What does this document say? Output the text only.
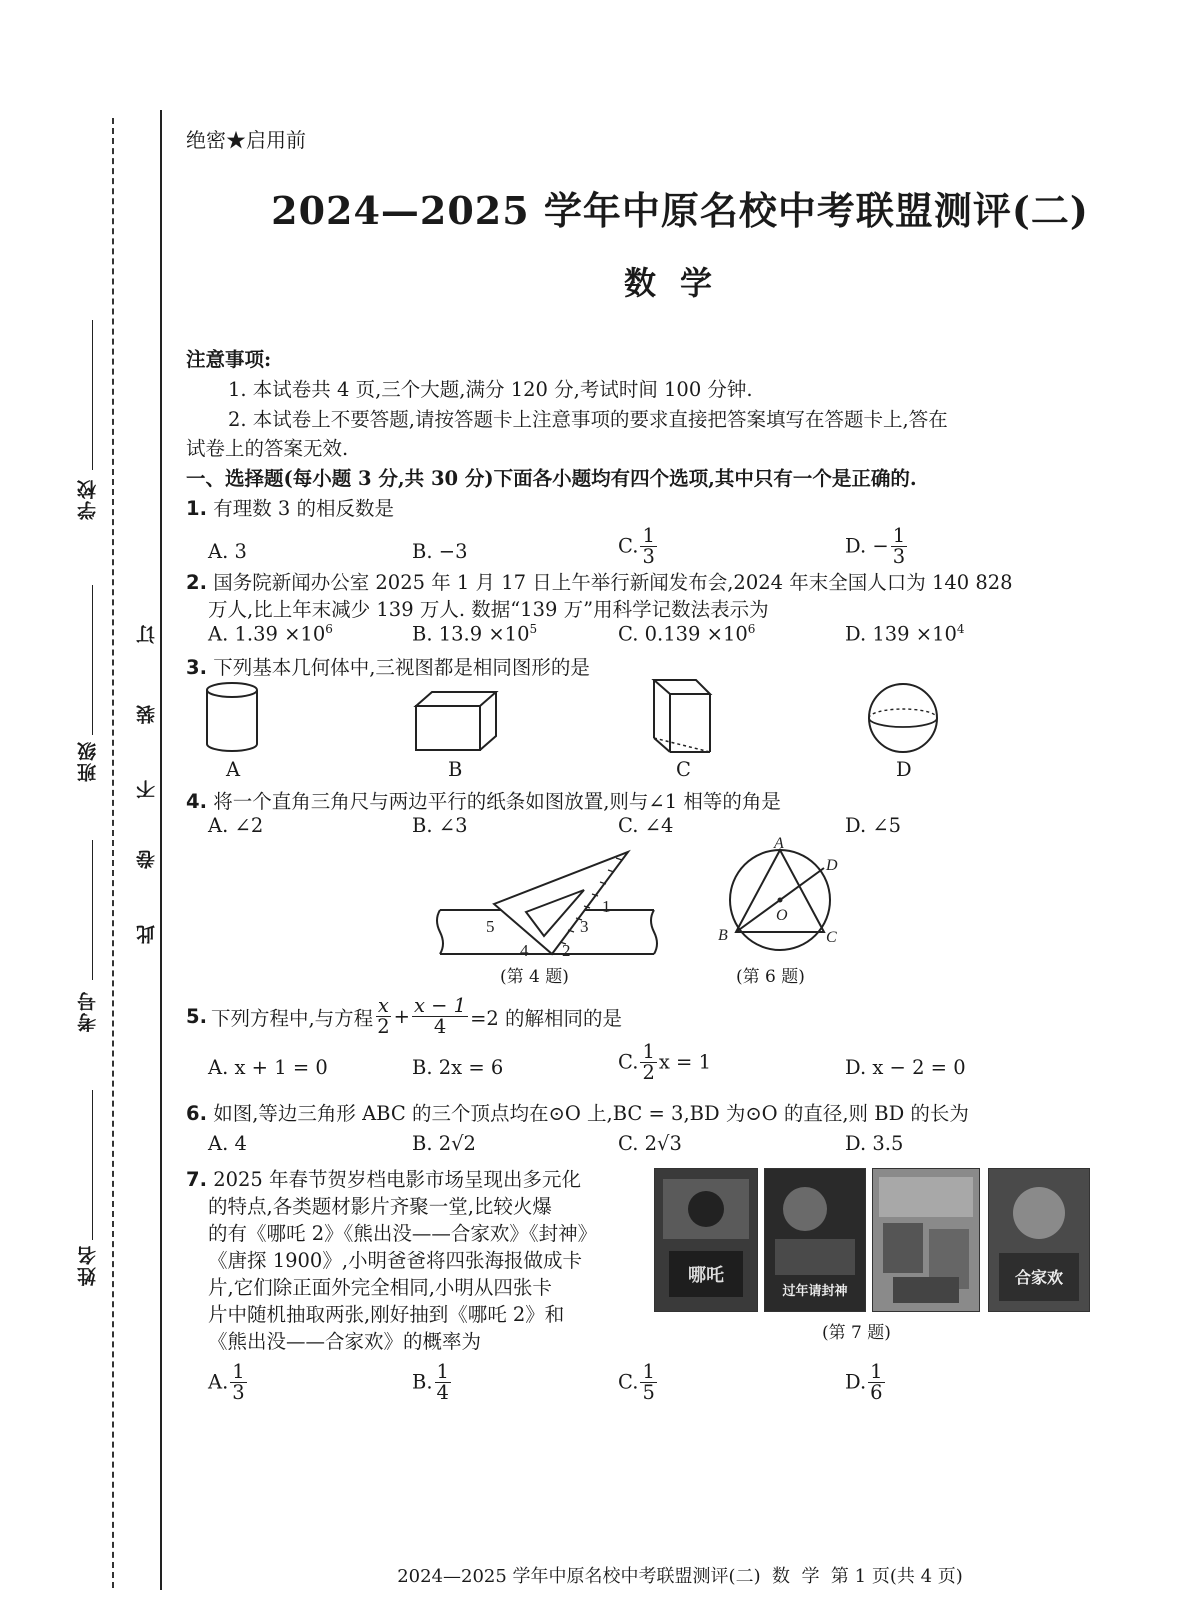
学校
班级
考号
姓名
订
装
不
卷
此
绝密★启用前
2024—2025 学年中原名校中考联盟测评(二)
数学
注意事项:
1. 本试卷共 4 页,三个大题,满分 120 分,考试时间 100 分钟.
2. 本试卷上不要答题,请按答题卡上注意事项的要求直接把答案填写在答题卡上,答在
试卷上的答案无效.
一、选择题(每小题 3 分,共 30 分)下面各小题均有四个选项,其中只有一个是正确的.
1. 有理数 3 的相反数是
A. 3	B. −3	C. $\frac{1}{3}$	D. − $\frac{1}{3}$
2. 国务院新闻办公室 2025 年 1 月 17 日上午举行新闻发布会,2024 年末全国人口为 140 828
万人,比上年末减少 139 万人. 数据“139 万”用科学记数法表示为
A. $1.39 \times 10^6$	B. $13.9 \times 10^5$	C. $0.139 \times 10^6$	D. $139 \times 10^4$
3. 下列基本几何体中,三视图都是相同图形的是
A	B	C	D
4. 将一个直角三角尺与两边平行的纸条如图放置,则与∠1 相等的角是
A. ∠2	B. ∠3	C. ∠4	D. ∠5
1
2
3
4
5
(第 4 题)
A
B	C
D
O
(第 6 题)
5. 下列方程中,与方程 $\frac{x}{2} + \frac{x - 1}{4} =2$ 的解相同的是
A. x + 1 = 0	B. 2x = 6	C. $\frac{1}{2}$ x = 1	D. x − 2 = 0
6. 如图,等边三角形 ABC 的三个顶点均在⊙O 上,BC = 3,BD 为⊙O 的直径,则 BD 的长为
A. 4	B. 2√2	C. 2√3	D. 3.5
7. 2025 年春节贺岁档电影市场呈现出多元化
的特点,各类题材影片齐聚一堂,比较火爆
的有《哪吒 2》《熊出没——合家欢》《封神》
《唐探 1900》,小明爸爸将四张海报做成卡
片,它们除正面外完全相同,小明从四张卡
片中随机抽取两张,刚好抽到《哪吒 2》和
《熊出没——合家欢》的概率为
哪吒
过年请封神
合家欢
(第 7 题)
A. $\frac{1}{3}$	B. $\frac{1}{4}$	C. $\frac{1}{5}$	D. $\frac{1}{6}$
2024—2025 学年中原名校中考联盟测评(二)  数  学  第 1 页(共 4 页)
